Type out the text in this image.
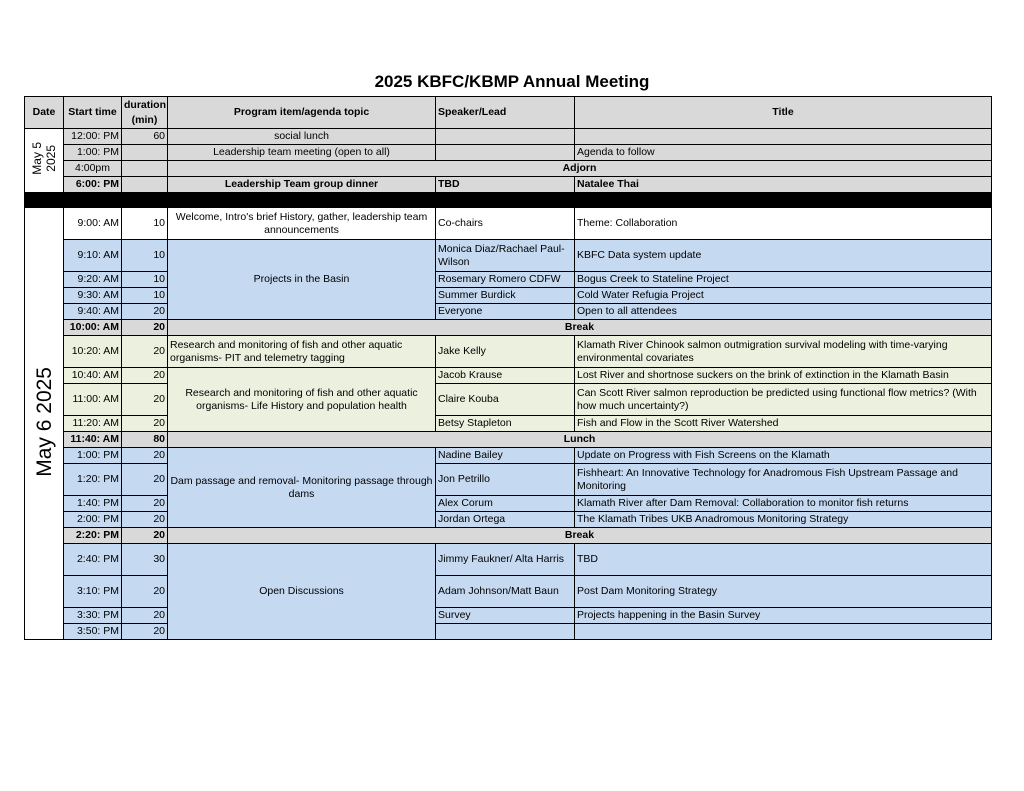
2025 KBFC/KBMP Annual Meeting
Date	Start time	duration (min)	Program item/agenda topic	Speaker/Lead	Title
May 5
2025	12:00: PM	60	social lunch		
	1:00: PM		Leadership team meeting (open to all)		Agenda to follow
	4:00pm		Adjorn		
	6:00: PM		Leadership Team group dinner	TBD	Natalee Thai

May 6 2025	9:00: AM	10	Welcome, Intro's brief History, gather, leadership team announcements	Co-chairs	Theme: Collaboration
	9:10: AM	10	Projects in the Basin	Monica Diaz/Rachael Paul-Wilson	KBFC Data system update
	9:20: AM	10		Rosemary Romero CDFW	Bogus Creek to Stateline Project
	9:30: AM	10		Summer Burdick	Cold Water Refugia Project
	9:40: AM	20		Everyone	Open to all attendees
	10:00: AM	20	Break		
	10:20: AM	20	Research and monitoring of fish and other aquatic organisms- PIT and telemetry tagging	Jake Kelly	Klamath River Chinook salmon outmigration survival modeling with time-varying environmental covariates
	10:40: AM	20	Research and monitoring of fish and other aquatic organisms- Life History and population health	Jacob Krause	Lost River and shortnose suckers on the brink of extinction in the Klamath Basin
	11:00: AM	20		Claire Kouba	Can Scott River salmon reproduction be predicted using functional flow metrics? (With how much uncertainty?)
	11:20: AM	20		Betsy Stapleton	Fish and Flow in the Scott River Watershed
	11:40: AM	80	Lunch		
	1:00: PM	20	Dam passage and removal- Monitoring passage through dams	Nadine Bailey	Update on Progress with Fish Screens on the Klamath
	1:20: PM	20		Jon Petrillo	Fishheart: An Innovative Technology for Anadromous Fish Upstream Passage and Monitoring
	1:40: PM	20		Alex Corum	Klamath River after Dam Removal: Collaboration to monitor fish returns
	2:00: PM	20		Jordan Ortega	The Klamath Tribes UKB Anadromous Monitoring Strategy
	2:20: PM	20	Break		
	2:40: PM	30	Open Discussions	Jimmy Faukner/ Alta Harris	TBD
	3:10: PM	20		Adam Johnson/Matt Baun	Post Dam Monitoring Strategy
	3:30: PM	20		Survey	Projects happening in the Basin Survey
	3:50: PM	20			
